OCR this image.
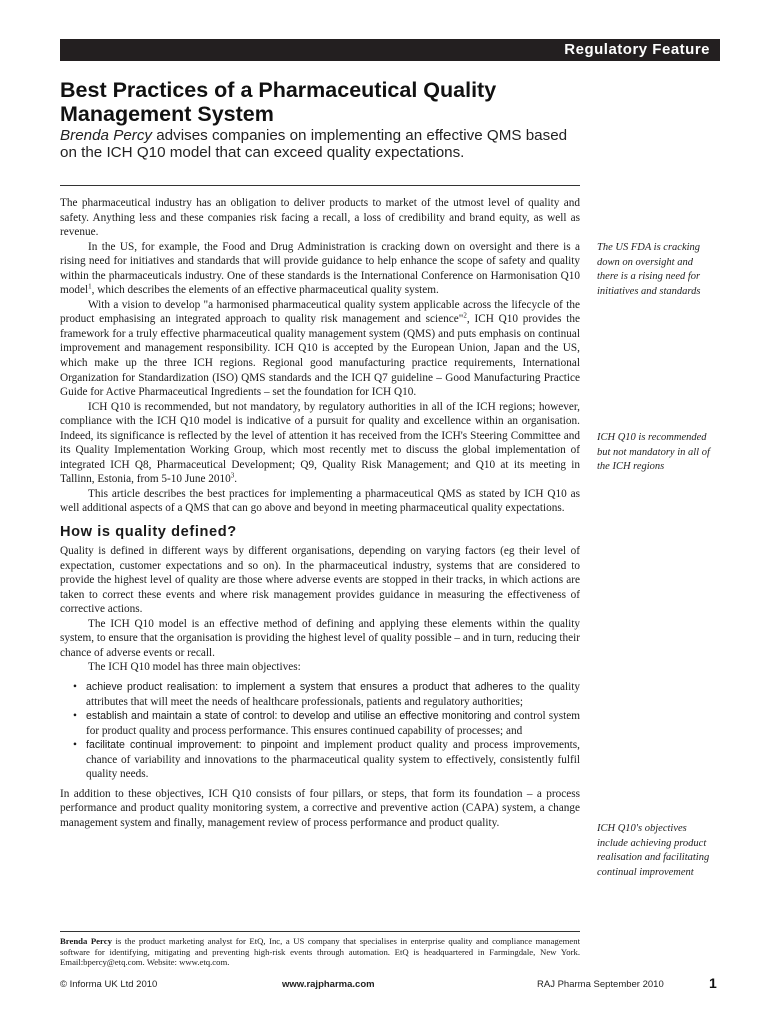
Regulatory Feature
Best Practices of a Pharmaceutical Quality Management System
Brenda Percy advises companies on implementing an effective QMS based on the ICH Q10 model that can exceed quality expectations.

The pharmaceutical industry has an obligation to deliver products to market of the utmost level of quality and safety. Anything less and these companies risk facing a recall, a loss of credibility and brand equity, as well as revenue.

In the US, for example, the Food and Drug Administration is cracking down on oversight and there is a rising need for initiatives and standards that will provide guidance to help enhance the scope of safety and quality within the pharmaceuticals industry. One of these standards is the International Conference on Harmonisation Q10 model$^1$, which describes the elements of an effective pharmaceutical quality system.

With a vision to develop "a harmonised pharmaceutical quality system applicable across the lifecycle of the product emphasising an integrated approach to quality risk management and science"$^2$, ICH Q10 provides the framework for a truly effective pharmaceutical quality management system (QMS) and puts emphasis on continual improvement and management responsibility. ICH Q10 is accepted by the European Union, Japan and the US, which make up the three ICH regions. Regional good manufacturing practice requirements, International Organization for Standardization (ISO) QMS standards and the ICH Q7 guideline – Good Manufacturing Practice Guide for Active Pharmaceutical Ingredients – set the foundation for ICH Q10.

ICH Q10 is recommended, but not mandatory, by regulatory authorities in all of the ICH regions; however, compliance with the ICH Q10 model is indicative of a pursuit for quality and excellence within an organisation. Indeed, its significance is reflected by the level of attention it has received from the ICH's Steering Committee and its Quality Implementation Working Group, which most recently met to discuss the global implementation of integrated ICH Q8, Pharmaceutical Development; Q9, Quality Risk Management; and Q10 at its meeting in Tallinn, Estonia, from 5-10 June 2010$^3$.

This article describes the best practices for implementing a pharmaceutical QMS as stated by ICH Q10 as well additional aspects of a QMS that can go above and beyond in meeting pharmaceutical quality expectations.

How is quality defined?

Quality is defined in different ways by different organisations, depending on varying factors (eg their level of expectation, customer expectations and so on). In the pharmaceutical industry, systems that are considered to provide the highest level of quality are those where adverse events are stopped in their tracks, in which actions are taken to correct these events and where risk management provides guidance in measuring the effectiveness of corrective actions.

The ICH Q10 model is an effective method of defining and applying these elements within the quality system, to ensure that the organisation is providing the highest level of quality possible – and in turn, reducing their chance of adverse events or recall.

The ICH Q10 model has three main objectives:

• achieve product realisation: to implement a system that ensures a product that adheres to the quality attributes that will meet the needs of healthcare professionals, patients and regulatory authorities;
• establish and maintain a state of control: to develop and utilise an effective monitoring and control system for product quality and process performance. This ensures continued capability of processes; and
• facilitate continual improvement: to pinpoint and implement product quality and process improvements, chance of variability and innovations to the pharmaceutical quality system to effectively, consistently fulfil quality needs.

In addition to these objectives, ICH Q10 consists of four pillars, or steps, that form its foundation – a process performance and product quality monitoring system, a corrective and preventive action (CAPA) system, a change management system and finally, management review of process performance and product quality.

The US FDA is cracking down on oversight and there is a rising need for initiatives and standards
ICH Q10 is recommended but not mandatory in all of the ICH regions
ICH Q10's objectives include achieving product realisation and facilitating continual improvement
Brenda Percy is the product marketing analyst for EtQ, Inc, a US company that specialises in enterprise quality and compliance management software for identifying, mitigating and preventing high-risk events through automation. EtQ is headquartered in Farmingdale, New York. Email:bpercy@etq.com. Website: www.etq.com.
© Informa UK Ltd 2010	www.rajpharma.com	RAJ Pharma September 2010	1
